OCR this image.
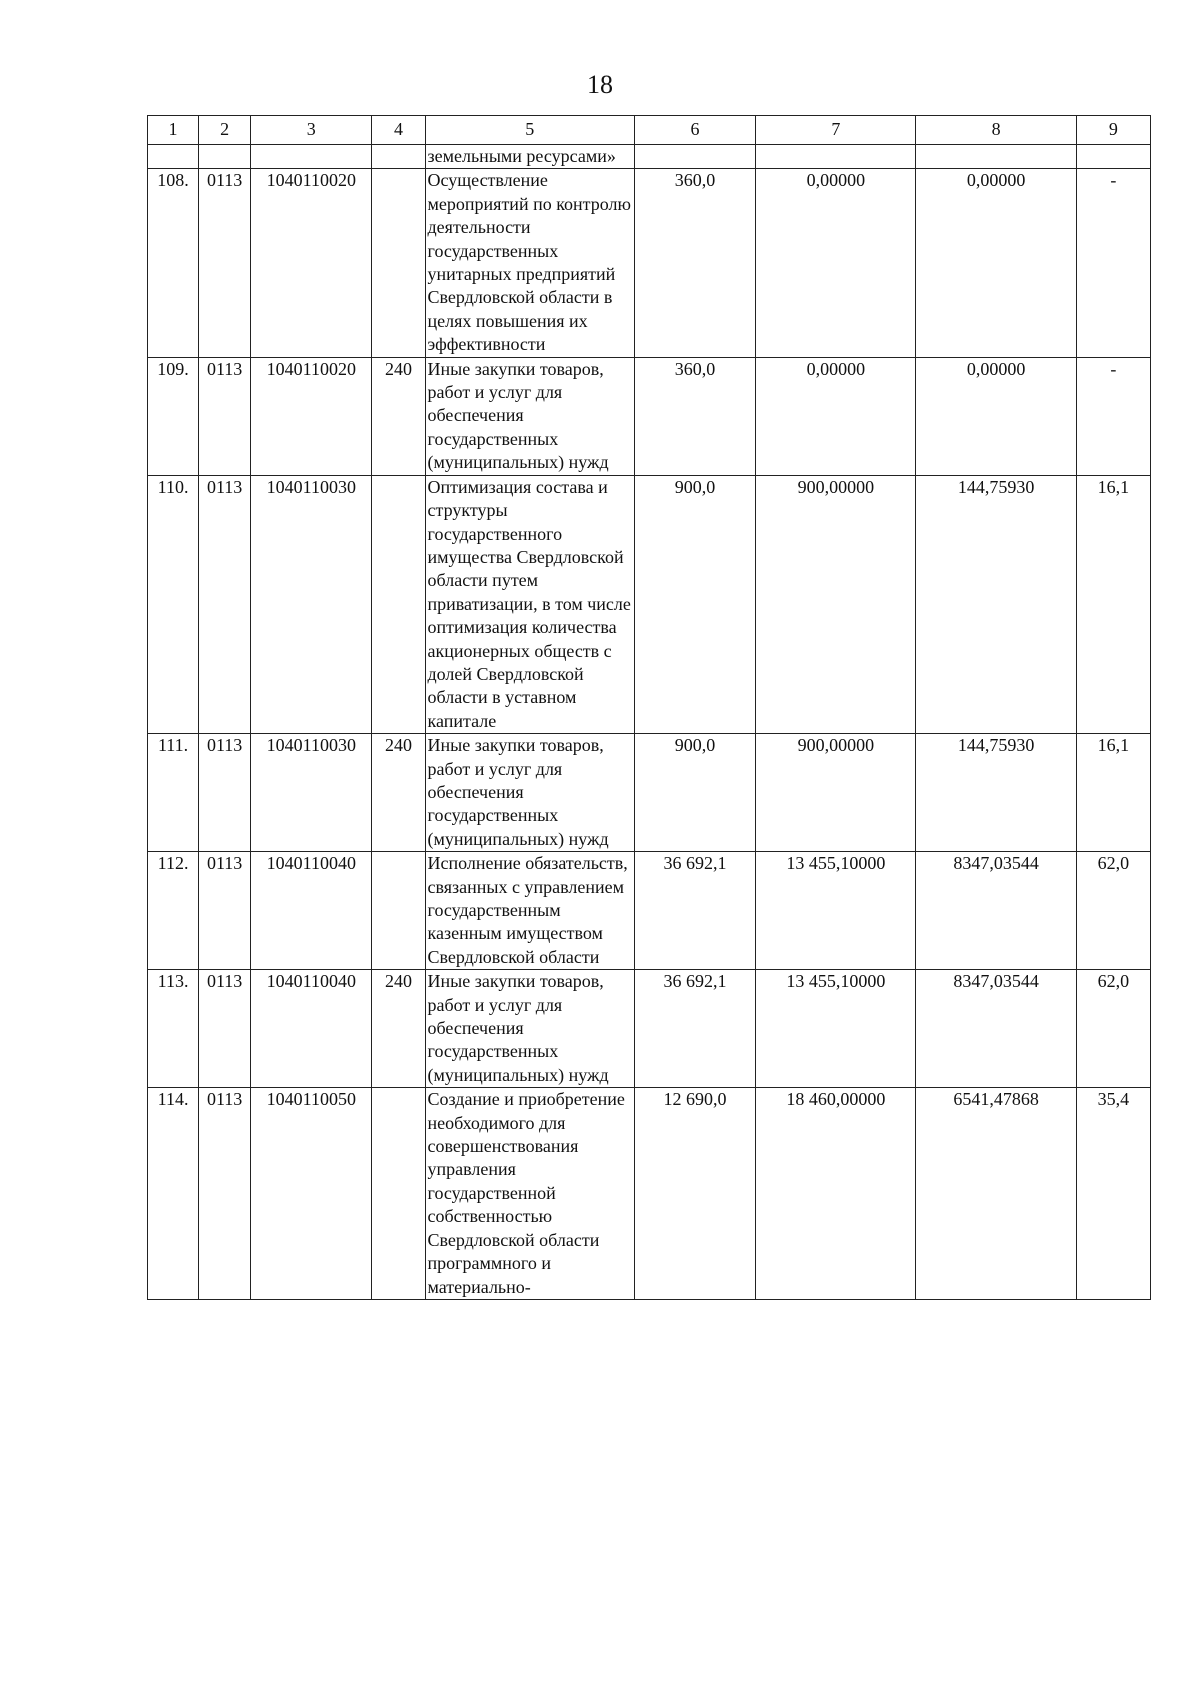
18
1	2	3	4	5	6	7	8	9
				земельными ресурсами»				
108.	0113	1040110020		Осуществление мероприятий по контролю деятельности государственных унитарных предприятий Свердловской области в целях повышения их эффективности	360,0	0,00000	0,00000	-
109.	0113	1040110020	240	Иные закупки товаров, работ и услуг для обеспечения государственных (муниципальных) нужд	360,0	0,00000	0,00000	-
110.	0113	1040110030		Оптимизация состава и структуры государственного имущества Свердловской области путем приватизации, в том числе оптимизация количества акционерных обществ с долей Свердловской области в уставном капитале	900,0	900,00000	144,75930	16,1
111.	0113	1040110030	240	Иные закупки товаров, работ и услуг для обеспечения государственных (муниципальных) нужд	900,0	900,00000	144,75930	16,1
112.	0113	1040110040		Исполнение обязательств, связанных с управлением государственным казенным имуществом Свердловской области	36 692,1	13 455,10000	8347,03544	62,0
113.	0113	1040110040	240	Иные закупки товаров, работ и услуг для обеспечения государственных (муниципальных) нужд	36 692,1	13 455,10000	8347,03544	62,0
114.	0113	1040110050		Создание и приобретение необходимого для совершенствования управления государственной собственностью Свердловской области программного и материально-	12 690,0	18 460,00000	6541,47868	35,4
